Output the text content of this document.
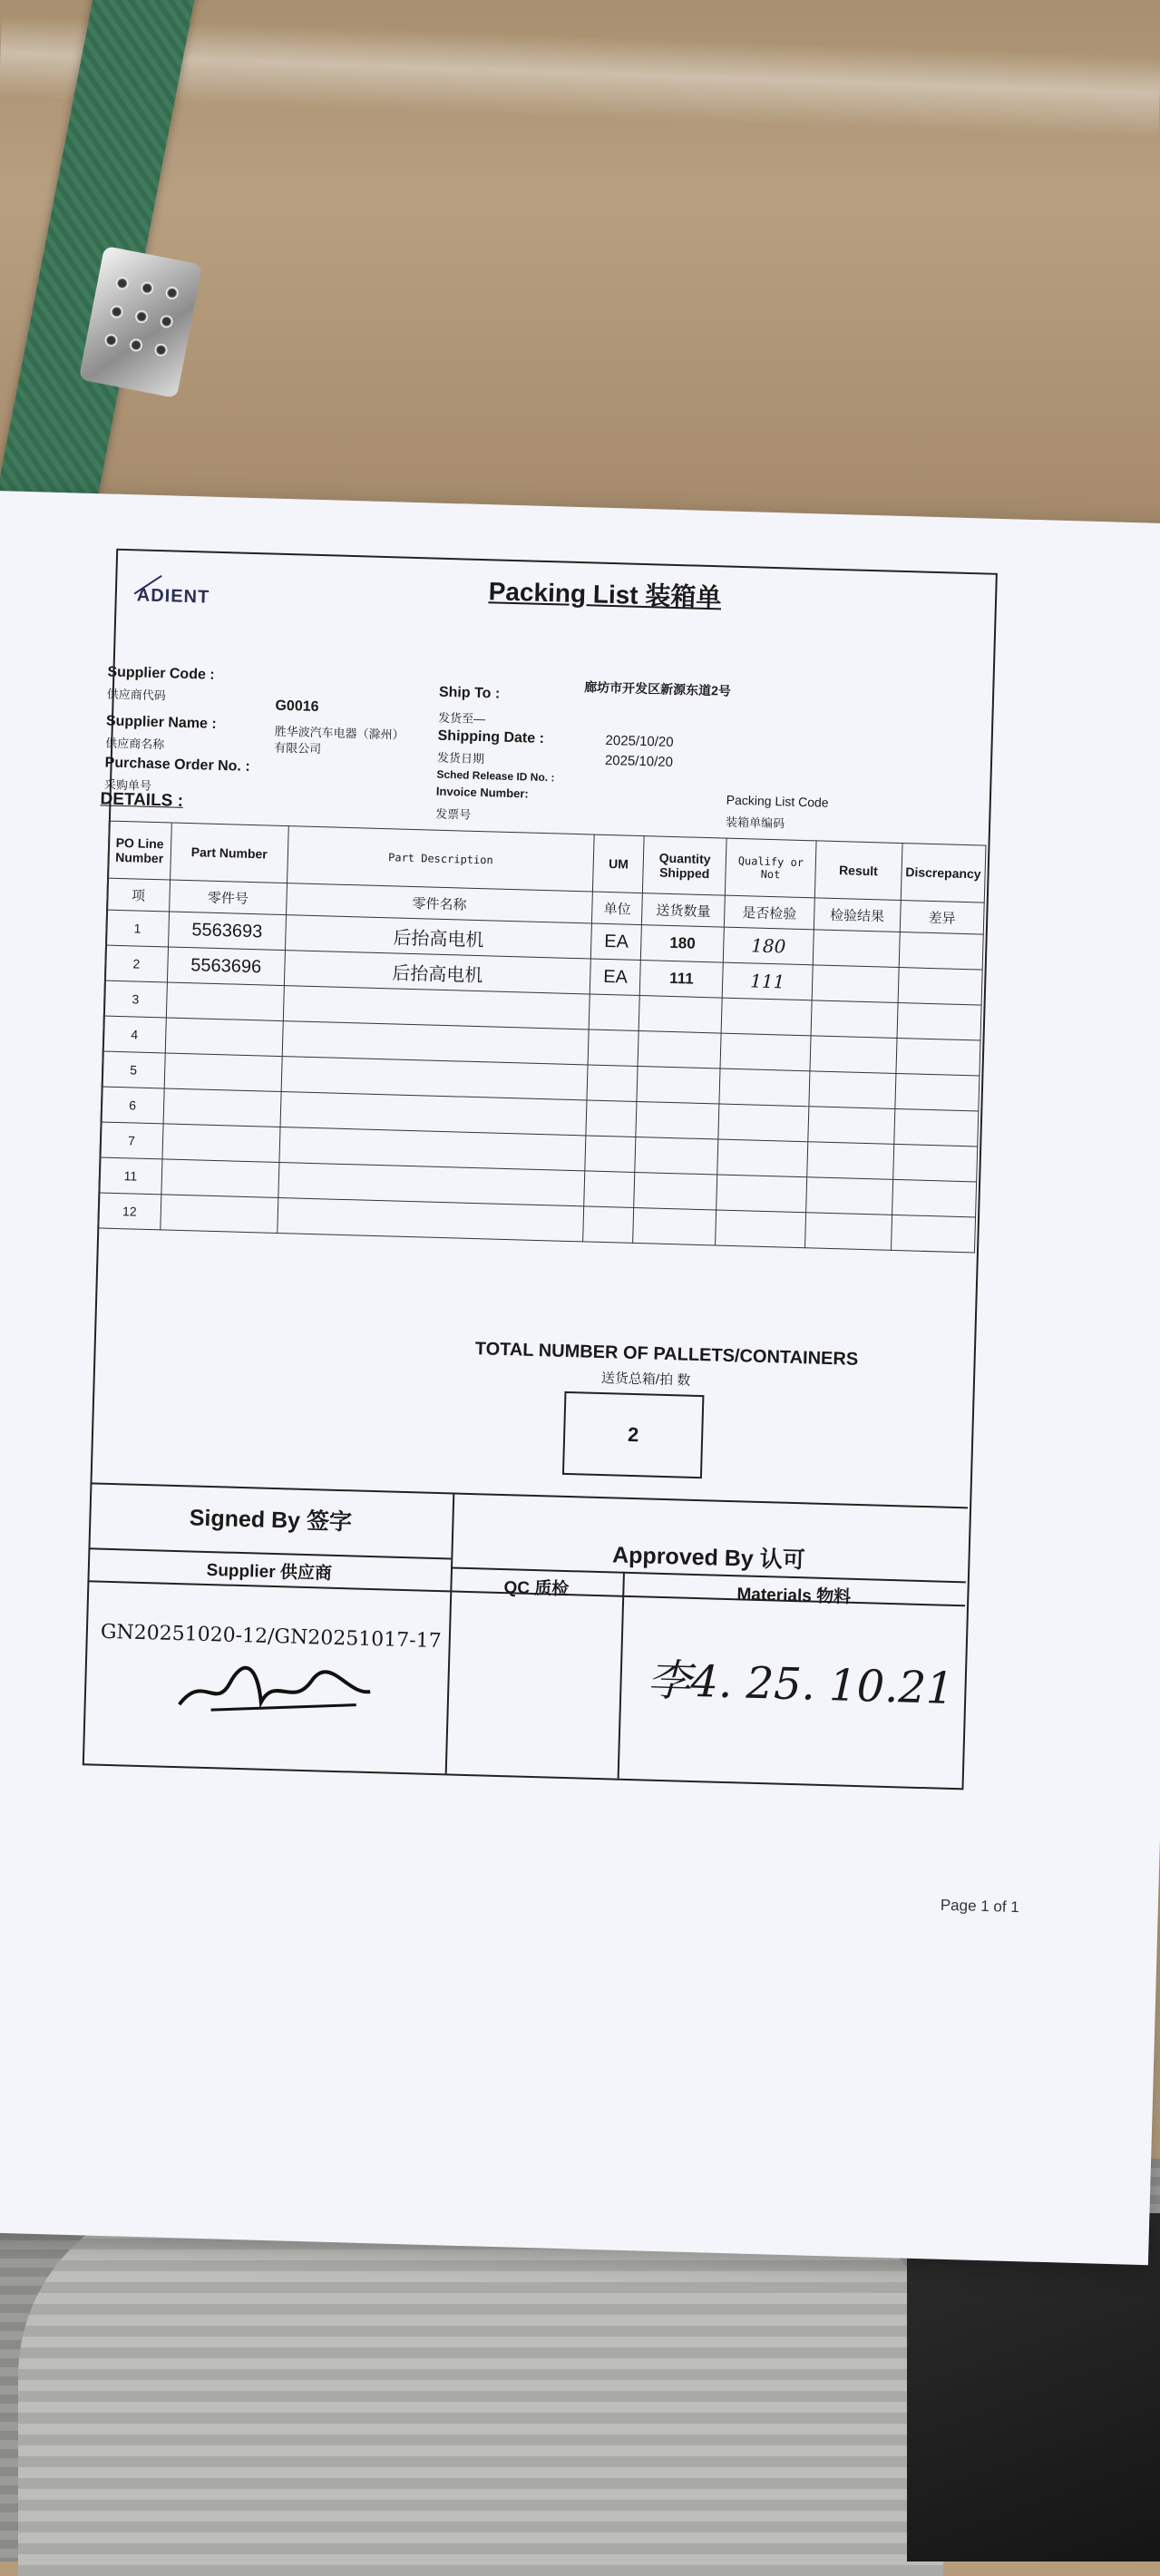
ADIENT	Packing List 装箱单
Supplier Code :
供应商代码
G0016
Supplier Name :
供应商名称
胜华波汽车电器（滁州）有限公司
Purchase Order No. :
采购单号
Ship To :
发货至—
廊坊市开发区新源东道2号
Shipping Date :
发货日期
2025/10/20
2025/10/20
Sched Release ID No. :
Invoice Number:
发票号
Packing List Code
装箱单编码
DETAILS :
PO Line Number	Part Number	Part Description	UM	Quantity Shipped	Qualify or Not	Result	Discrepancy
项	零件号	零件名称	单位	送货数量	是否检验	检验结果	差异
1	5563693	后抬高电机	EA	180	180		
2	5563696	后抬高电机	EA	111	111		
3							
4							
5							
6							
7							
11							
12							
TOTAL NUMBER OF PALLETS/CONTAINERS
送货总箱/拍 数
2
Signed By 签字
Supplier 供应商
GN20251020-12/GN20251017-17
Approved By 认可
QC 质检	Materials 物料
李4. 25. 10.21
Page 1 of 1
